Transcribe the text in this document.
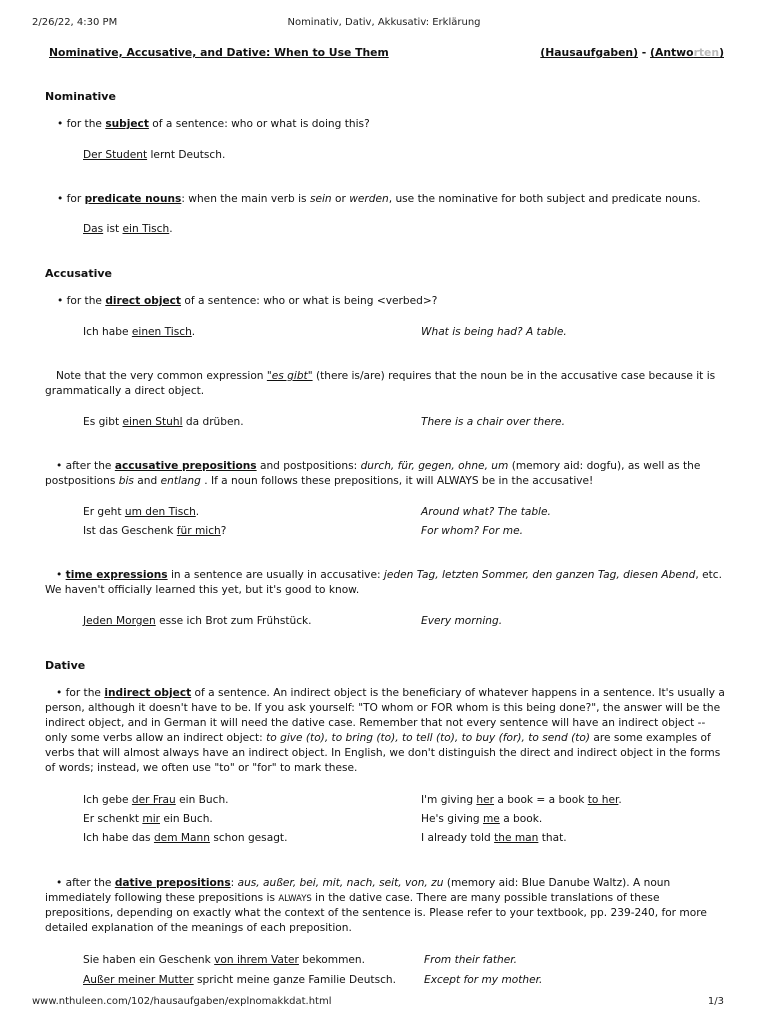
2/26/22, 4:30 PM	Nominativ, Dativ, Akkusativ: Erklärung
Nominative, Accusative, and Dative: When to Use Them	(Hausaufgaben) - (Antworten)
Nominative
• for the subject of a sentence: who or what is doing this?
Der Student lernt Deutsch.
• for predicate nouns: when the main verb is sein or werden, use the nominative for both subject and predicate nouns.
Das ist ein Tisch.
Accusative
• for the direct object of a sentence: who or what is being <verbed>?
Ich habe einen Tisch.	What is being had? A table.
Note that the very common expression "es gibt" (there is/are) requires that the noun be in the accusative case because it is grammatically a direct object.
Es gibt einen Stuhl da drüben.	There is a chair over there.
• after the accusative prepositions and postpositions: durch, für, gegen, ohne, um (memory aid: dogfu), as well as the postpositions bis and entlang . If a noun follows these prepositions, it will ALWAYS be in the accusative!
Er geht um den Tisch.	Around what? The table.
Ist das Geschenk für mich?	For whom? For me.
• time expressions in a sentence are usually in accusative: jeden Tag, letzten Sommer, den ganzen Tag, diesen Abend, etc. We haven't officially learned this yet, but it's good to know.
Jeden Morgen esse ich Brot zum Frühstück.	Every morning.
Dative
• for the indirect object of a sentence. An indirect object is the beneficiary of whatever happens in a sentence. It's usually a person, although it doesn't have to be. If you ask yourself: "TO whom or FOR whom is this being done?", the answer will be the indirect object, and in German it will need the dative case. Remember that not every sentence will have an indirect object -- only some verbs allow an indirect object: to give (to), to bring (to), to tell (to), to buy (for), to send (to) are some examples of verbs that will almost always have an indirect object. In English, we don't distinguish the direct and indirect object in the forms of words; instead, we often use "to" or "for" to mark these.
Ich gebe der Frau ein Buch.	I'm giving her a book = a book to her.
Er schenkt mir ein Buch.	He's giving me a book.
Ich habe das dem Mann schon gesagt.	I already told the man that.
• after the dative prepositions: aus, außer, bei, mit, nach, seit, von, zu (memory aid: Blue Danube Waltz). A noun immediately following these prepositions is ALWAYS in the dative case. There are many possible translations of these prepositions, depending on exactly what the context of the sentence is. Please refer to your textbook, pp. 239-240, for more detailed explanation of the meanings of each preposition.
Sie haben ein Geschenk von ihrem Vater bekommen.	From their father.
Außer meiner Mutter spricht meine ganze Familie Deutsch.	Except for my mother.
www.nthuleen.com/102/hausaufgaben/explnomakkdat.html	1/3
